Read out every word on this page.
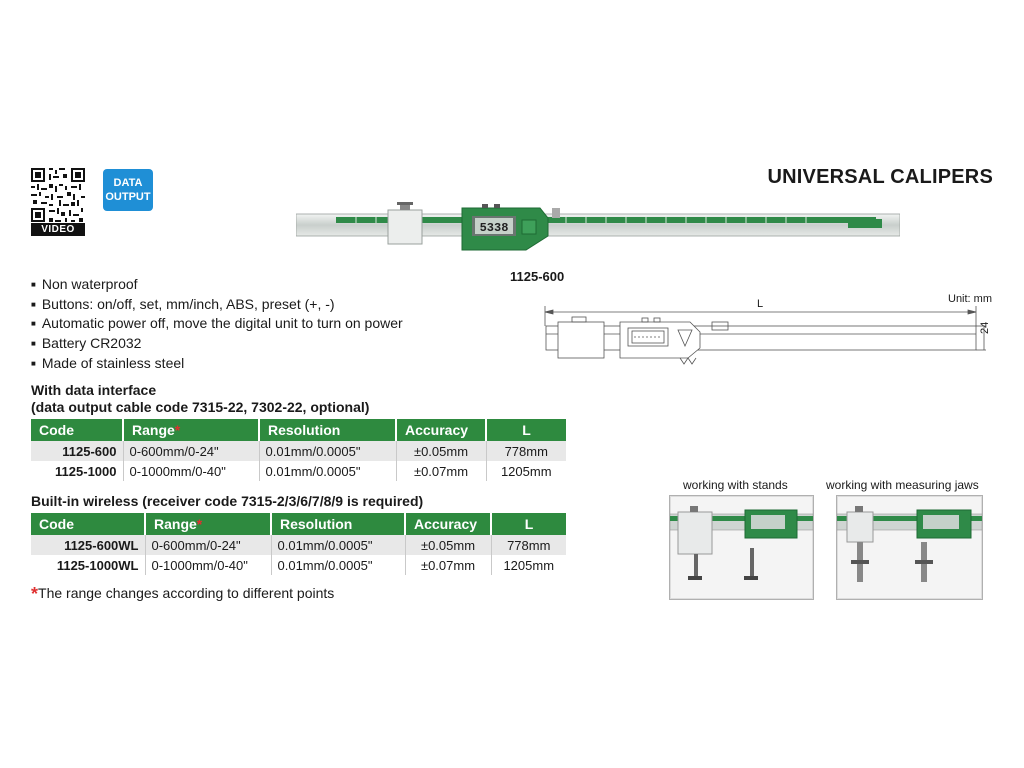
VIDEO
DATA
OUTPUT
UNIVERSAL CALIPERS
5338
1125-600
Unit: mm
L
24
■ Non waterproof
■ Buttons: on/off, set, mm/inch, ABS, preset (+, -)
■ Automatic power off, move the digital unit to turn on power
■ Battery CR2032
■ Made of stainless steel
With data interface
(data output cable code 7315-22, 7302-22, optional)
Code	Range*	Resolution	Accuracy	L
1125-600	0-600mm/0-24"	0.01mm/0.0005"	±0.05mm	778mm
1125-1000	0-1000mm/0-40"	0.01mm/0.0005"	±0.07mm	1205mm
Built-in wireless (receiver code 7315-2/3/6/7/8/9 is required)
Code	Range*	Resolution	Accuracy	L
1125-600WL	0-600mm/0-24"	0.01mm/0.0005"	±0.05mm	778mm
1125-1000WL	0-1000mm/0-40"	0.01mm/0.0005"	±0.07mm	1205mm
*The range changes according to different points
working with stands	working with measuring jaws
